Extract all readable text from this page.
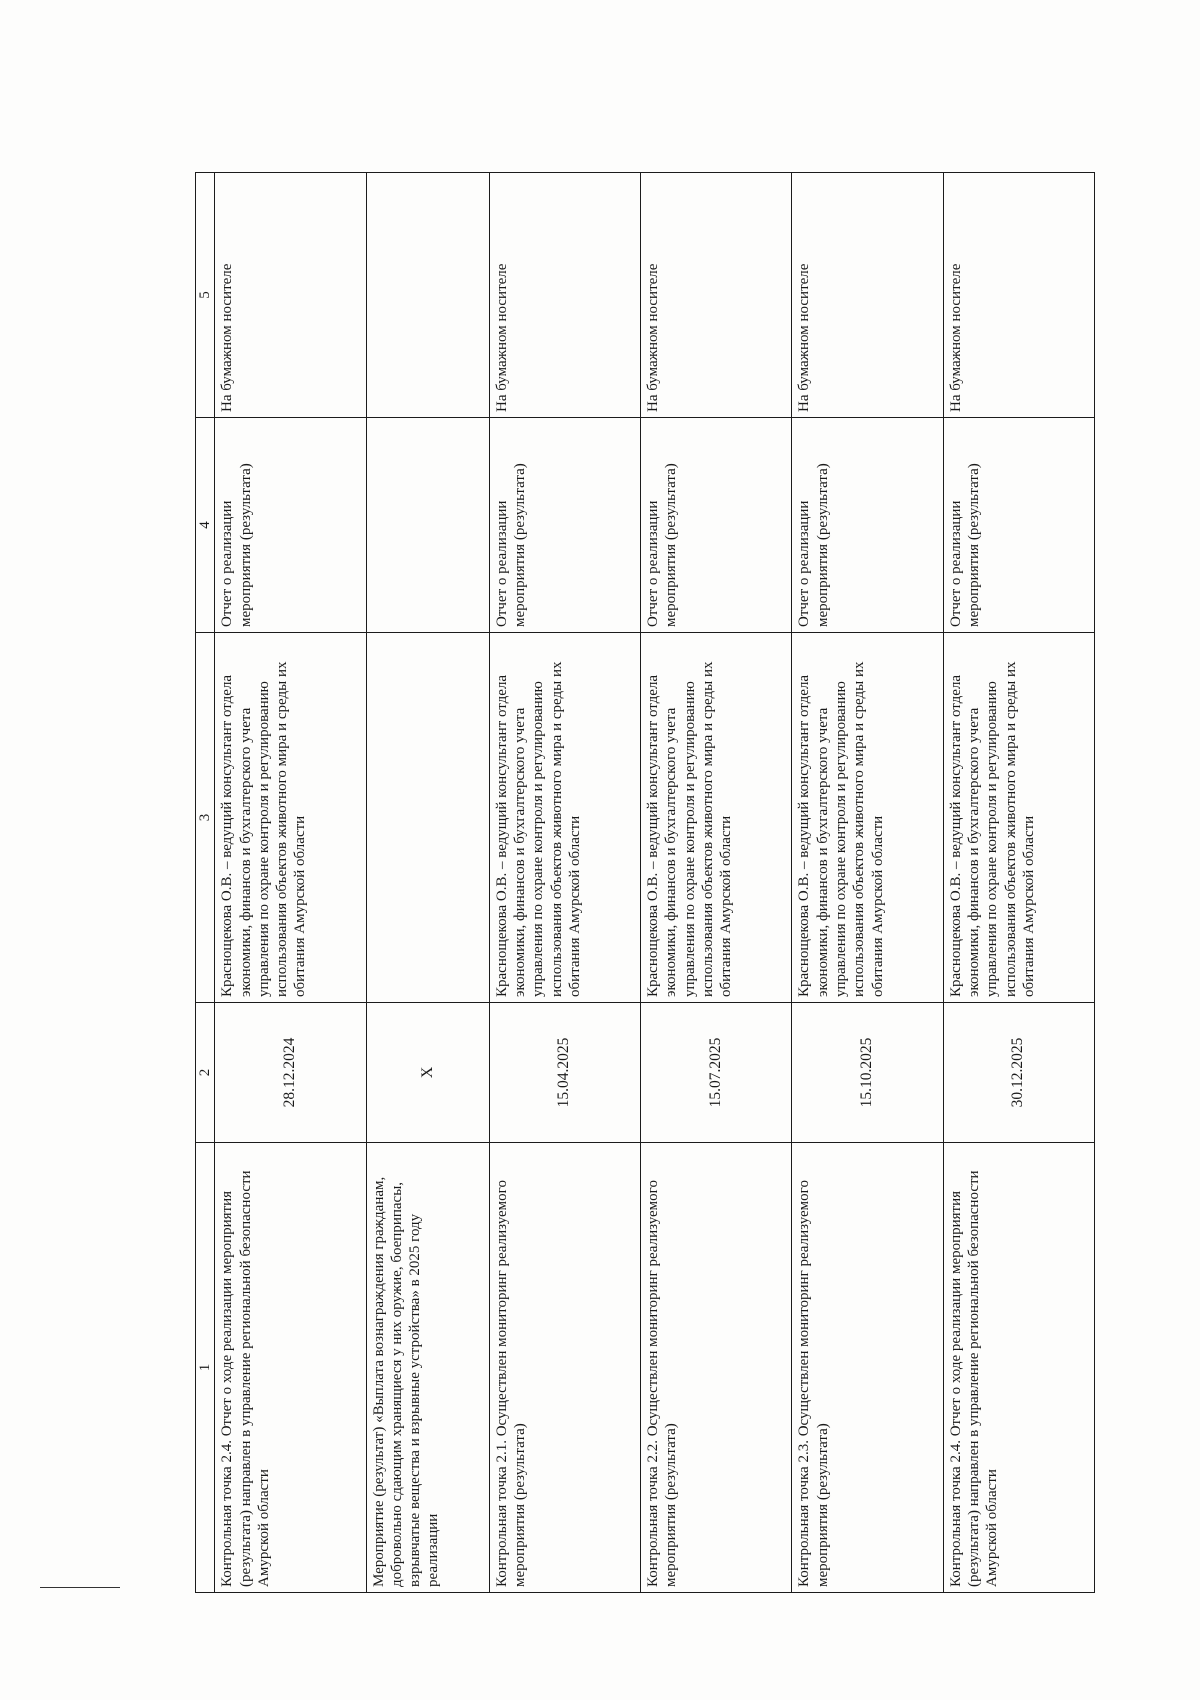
1	2	3	4	5
Контрольная точка 2.4. Отчет о ходе реализации мероприятия (результата) направлен в управление региональной безопасности Амурской области	28.12.2024	Краснощекова О.В. – ведущий консультант отдела экономики, финансов и бухгалтерского учета управления по охране контроля и регулированию использования объектов животного мира и среды их обитания Амурской области	Отчет о реализации мероприятия (результата)	На бумажном носителе
Мероприятие (результат) «Выплата вознаграждения гражданам, добровольно сдающим хранящиеся у них оружие, боеприпасы, взрывчатые вещества и взрывные устройства» в 2025 году реализации	Х			
Контрольная точка 2.1. Осуществлен мониторинг реализуемого мероприятия (результата)	15.04.2025	Краснощекова О.В. – ведущий консультант отдела экономики, финансов и бухгалтерского учета управления по охране контроля и регулированию использования объектов животного мира и среды их обитания Амурской области	Отчет о реализации мероприятия (результата)	На бумажном носителе
Контрольная точка 2.2. Осуществлен мониторинг реализуемого мероприятия (результата)	15.07.2025	Краснощекова О.В. – ведущий консультант отдела экономики, финансов и бухгалтерского учета управления по охране контроля и регулированию использования объектов животного мира и среды их обитания Амурской области	Отчет о реализации мероприятия (результата)	На бумажном носителе
Контрольная точка 2.3. Осуществлен мониторинг реализуемого мероприятия (результата)	15.10.2025	Краснощекова О.В. – ведущий консультант отдела экономики, финансов и бухгалтерского учета управления по охране контроля и регулированию использования объектов животного мира и среды их обитания Амурской области	Отчет о реализации мероприятия (результата)	На бумажном носителе
Контрольная точка 2.4. Отчет о ходе реализации мероприятия (результата) направлен в управление региональной безопасности Амурской области	30.12.2025	Краснощекова О.В. – ведущий консультант отдела экономики, финансов и бухгалтерского учета управления по охране контроля и регулированию использования объектов животного мира и среды их обитания Амурской области	Отчет о реализации мероприятия (результата)	На бумажном носителе
